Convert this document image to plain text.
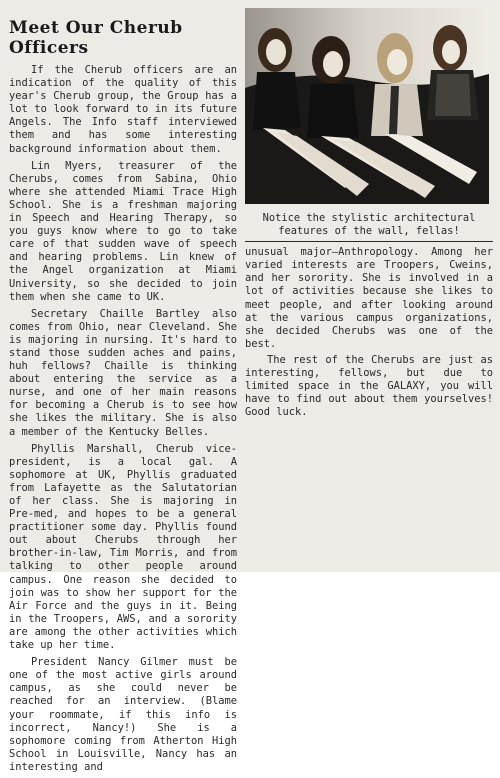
Meet Our Cherub Officers

If the Cherub officers are an indication of the quality of this year's Cherub group, the Group has a lot to look forward to in its future Angels. The Info staff interviewed them and has some interesting background information about them.

Lin Myers, treasurer of the Cherubs, comes from Sabina, Ohio where she attended Miami Trace High School. She is a freshman majoring in Speech and Hearing Therapy, so you guys know where to go to take care of that sudden wave of speech and hearing problems. Lin knew of the Angel organization at Miami University, so she decided to join them when she came to UK.

Secretary Chaille Bartley also comes from Ohio, near Cleveland. She is majoring in nursing. It's hard to stand those sudden aches and pains, huh fellows? Chaille is thinking about entering the service as a nurse, and one of her main reasons for becoming a Cherub is to see how she likes the military. She is also a member of the Kentucky Belles.

Phyllis Marshall, Cherub vice-president, is a local gal. A sophomore at UK, Phyllis graduated from Lafayette as the Salutatorian of her class. She is majoring in Pre-med, and hopes to be a general practitioner some day. Phyllis found out about Cherubs through her brother-in-law, Tim Morris, and from talking to other people around campus. One reason she decided to join was to show her support for the Air Force and the guys in it. Being in the Troopers, AWS, and a sorority are among the other activities which take up her time.

President Nancy Gilmer must be one of the most active girls around campus, as she could never be reached for an interview. (Blame your roommate, if this info is incorrect, Nancy!) She is a sophomore coming from Atherton High School in Louisville, Nancy has an interesting and

Notice the stylistic architectural features of the wall, fellas!

unusual major—Anthropology. Among her varied interests are Troopers, Cweins, and her sorority. She is involved in a lot of activities because she likes to meet people, and after looking around at the various campus organizations, she decided Cherubs was one of the best.

The rest of the Cherubs are just as interesting, fellows, but due to limited space in the GALAXY, you will have to find out about them yourselves! Good luck.
